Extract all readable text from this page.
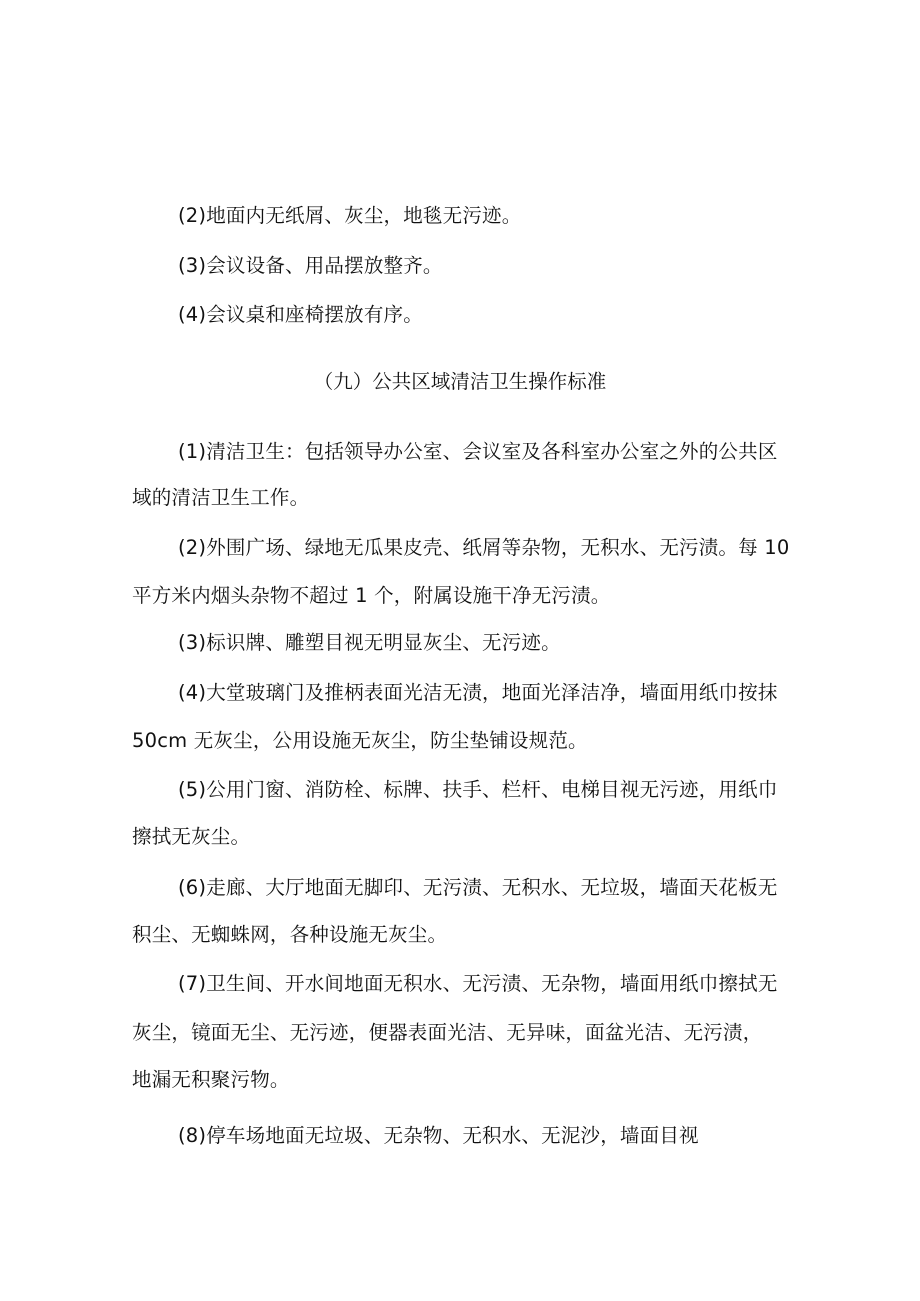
(2)地面内无纸屑、灰尘，地毯无污迹。
(3)会议设备、用品摆放整齐。
(4)会议桌和座椅摆放有序。
（九）公共区域清洁卫生操作标准
(1)清洁卫生：包括领导办公室、会议室及各科室办公室之外的公共区
域的清洁卫生工作。
(2)外围广场、绿地无瓜果皮壳、纸屑等杂物，无积水、无污渍。每 10
平方米内烟头杂物不超过 1 个，附属设施干净无污渍。
(3)标识牌、雕塑目视无明显灰尘、无污迹。
(4)大堂玻璃门及推柄表面光洁无渍，地面光泽洁净，墙面用纸巾按抹
50cm 无灰尘，公用设施无灰尘，防尘垫铺设规范。
(5)公用门窗、消防栓、标牌、扶手、栏杆、电梯目视无污迹，用纸巾
擦拭无灰尘。
(6)走廊、大厅地面无脚印、无污渍、无积水、无垃圾，墙面天花板无
积尘、无蜘蛛网，各种设施无灰尘。
(7)卫生间、开水间地面无积水、无污渍、无杂物，墙面用纸巾擦拭无
灰尘，镜面无尘、无污迹，便器表面光洁、无异味，面盆光洁、无污渍，
地漏无积聚污物。
(8)停车场地面无垃圾、无杂物、无积水、无泥沙，墙面目视
